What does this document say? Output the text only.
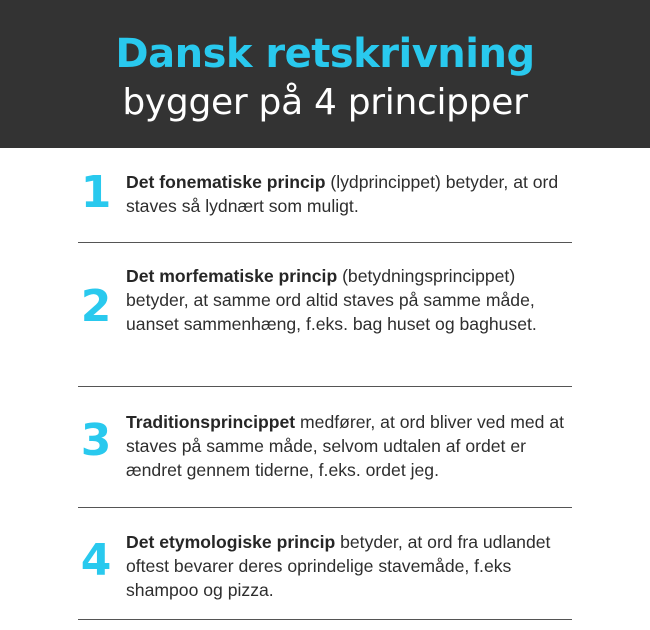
Dansk retskrivning
bygger på 4 principper
1 Det fonematiske princip (lydprincippet) betyder, at ord staves så lydnært som muligt.

2

Det morfematiske princip (betydningsprincippet) betyder, at samme ord altid staves på samme måde, uanset sammenhæng, f.eks. bag huset og baghuset.

3 Traditionsprincippet medfører, at ord bliver ved med at staves på samme måde, selvom udtalen af ordet er ændret gennem tiderne, f.eks. ordet jeg.

4 Det etymologiske princip betyder, at ord fra udlandet oftest bevarer deres oprindelige stavemåde, f.eks shampoo og pizza.
